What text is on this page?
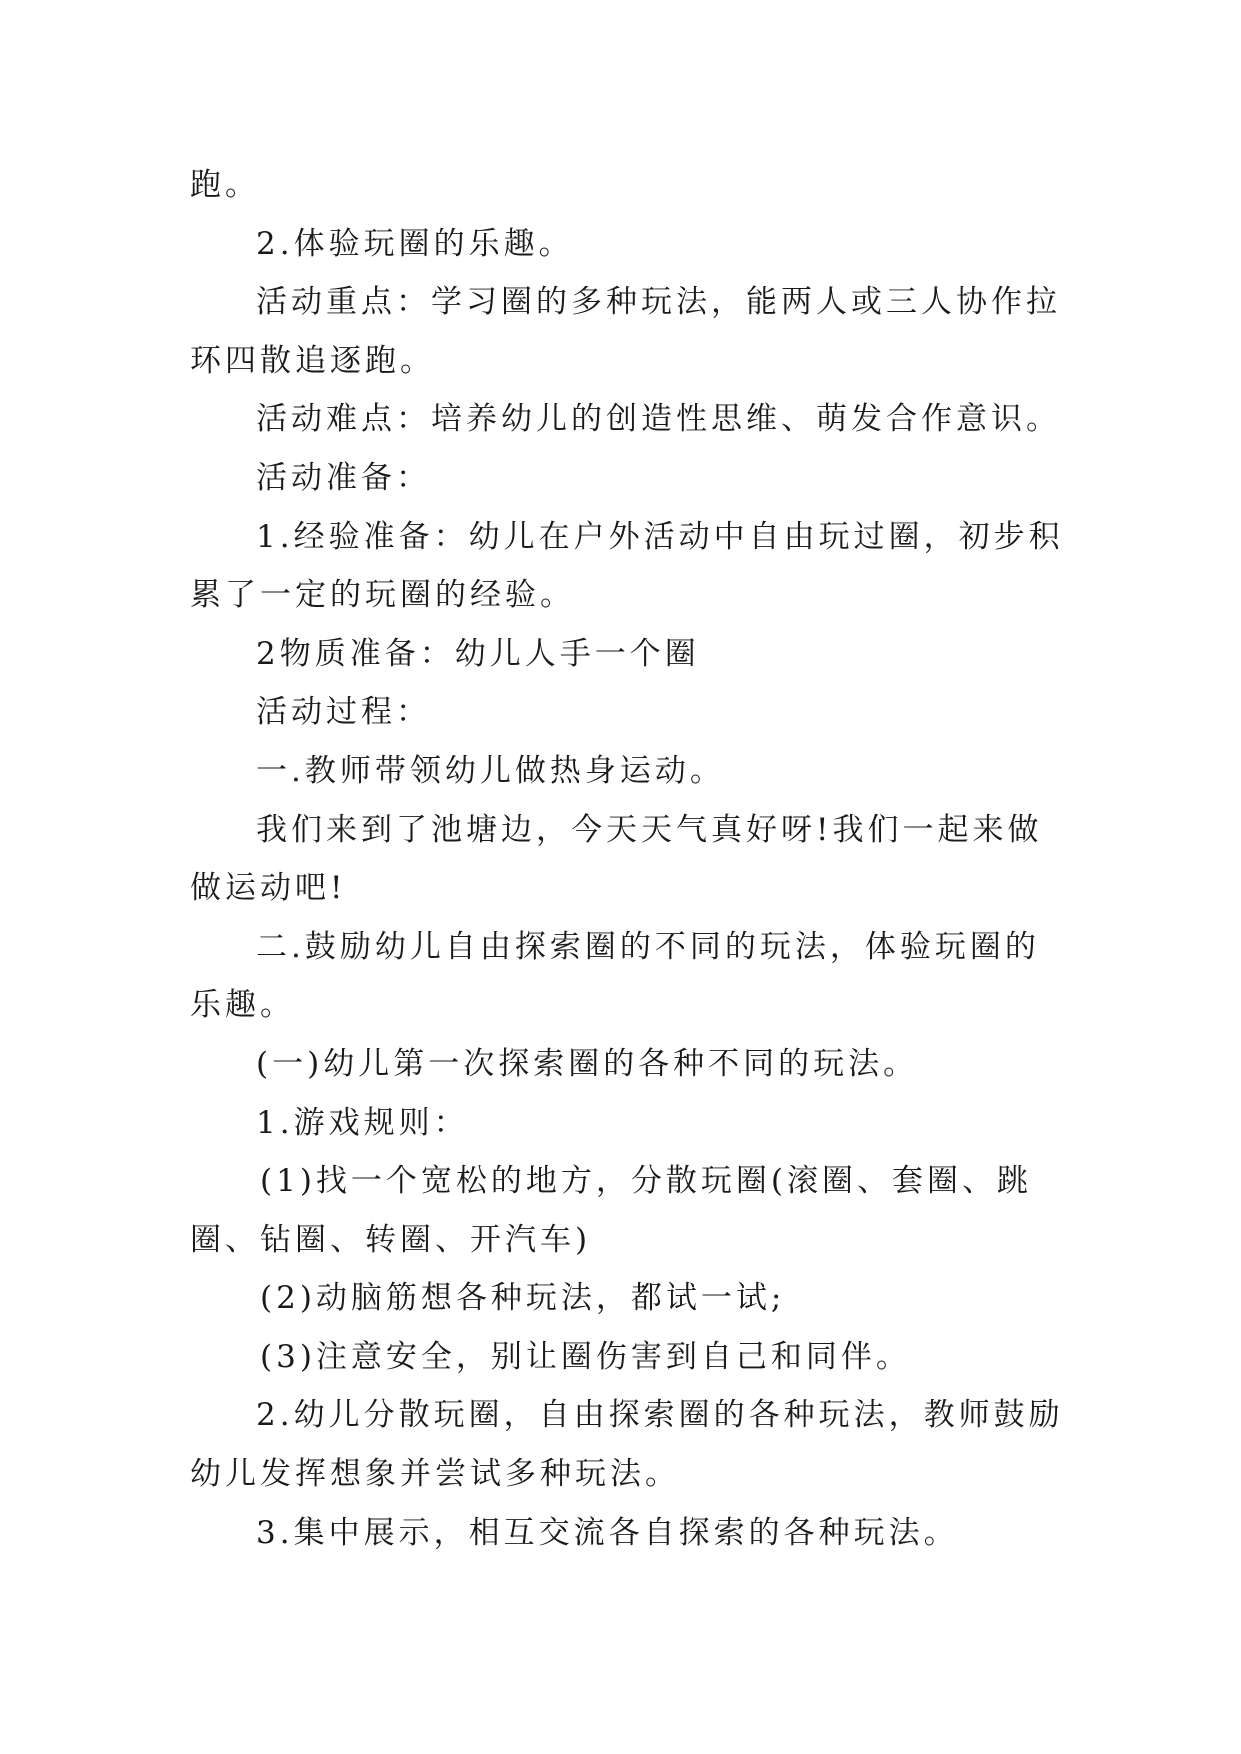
跑。

2.体验玩圈的乐趣。

活动重点：学习圈的多种玩法，能两人或三人协作拉环四散追逐跑。

活动难点：培养幼儿的创造性思维、萌发合作意识。

活动准备：

1.经验准备：幼儿在户外活动中自由玩过圈，初步积累了一定的玩圈的经验。

2物质准备：幼儿人手一个圈

活动过程：

一.教师带领幼儿做热身运动。

我们来到了池塘边，今天天气真好呀!我们一起来做做运动吧!

二.鼓励幼儿自由探索圈的不同的玩法，体验玩圈的乐趣。

(一)幼儿第一次探索圈的各种不同的玩法。

1.游戏规则：

(1)找一个宽松的地方，分散玩圈(滚圈、套圈、跳圈、钻圈、转圈、开汽车)

(2)动脑筋想各种玩法，都试一试;

(3)注意安全，别让圈伤害到自己和同伴。

2.幼儿分散玩圈，自由探索圈的各种玩法，教师鼓励幼儿发挥想象并尝试多种玩法。

3.集中展示，相互交流各自探索的各种玩法。
